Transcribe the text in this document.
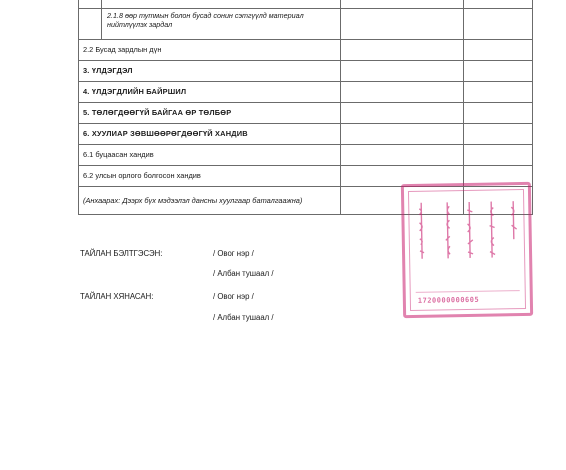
2.1.8 өөр тутмын болон бусад сонин сэтгүүлд материал нийтлүүлэх зардал		

2.2 Бусад зардлын дүн		
3. ҮЛДЭГДЭЛ		
4. ҮЛДЭГДЛИЙН БАЙРШИЛ		
5. ТӨЛӨГДӨӨГҮЙ БАЙГАА ӨР ТӨЛБӨР		
6. ХУУЛИАР ЗӨВШӨӨРӨГДӨӨГҮЙ ХАНДИВ		
6.1 буцаасан хандив		
6.2 улсын орлого болгосон хандив		
(Анхаарах: Дээрх бүх мэдээлэл дансны хуулгаар баталгаажна)		
ТАЙЛАН БЭЛТГЭСЭН:	/ Овог нэр /
/ Албан тушаал /
ТАЙЛАН ХЯНАСАН:	/ Овог нэр /
/ Албан тушаал /
1720000000605
